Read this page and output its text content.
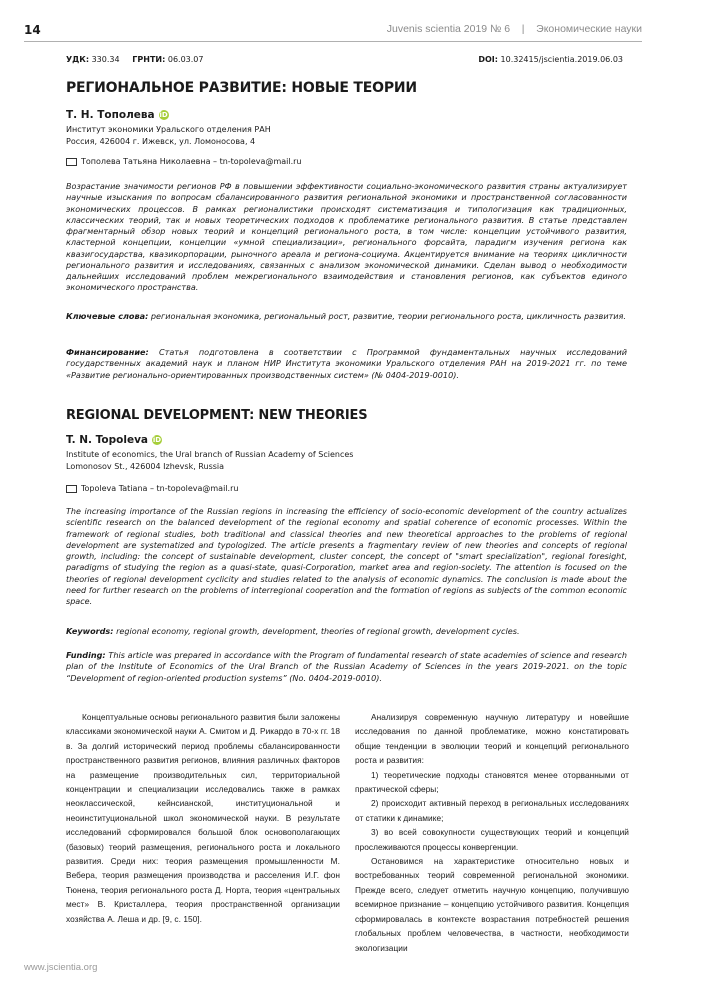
14	Juvenis scientia 2019 № 6 | Экономические науки
УДК: 330.34 ГРНТИ: 06.03.07	DOI: 10.32415/jscientia.2019.06.03
РЕГИОНАЛЬНОЕ РАЗВИТИЕ: НОВЫЕ ТЕОРИИ
Т. Н. Тополева iD
Институт экономики Уральского отделения РАН
Россия, 426004 г. Ижевск, ул. Ломоносова, 4
Тополева Татьяна Николаевна – tn-topoleva@mail.ru
Возрастание значимости регионов РФ в повышении эффективности социально-экономического развития страны актуализирует научные изыскания по вопросам сбалансированного развития региональной экономики и пространственной согласованности экономических процессов. В рамках регионалистики происходят систематизация и типологизация как традиционных, классических теорий, так и новых теоретических подходов к проблематике регионального развития. В статье представлен фрагментарный обзор новых теорий и концепций регионального роста, в том числе: концепции устойчивого развития, кластерной концепции, концепции «умной специализации», регионального форсайта, парадигм изучения региона как квазигосударства, квазикорпорации, рыночного ареала и региона-социума. Акцентируется внимание на теориях цикличности регионального развития и исследованиях, связанных с анализом экономической динамики. Сделан вывод о необходимости дальнейших исследований проблем межрегионального взаимодействия и становления регионов, как субъектов единого экономического пространства.
Ключевые слова: региональная экономика, региональный рост, развитие, теории регионального роста, цикличность развития.
Финансирование: Статья подготовлена в соответствии с Программой фундаментальных научных исследований государственных академий наук и планом НИР Института экономики Уральского отделения РАН на 2019-2021 гг. по теме «Развитие регионально-ориентированных производственных систем» (№ 0404-2019-0010).
REGIONAL DEVELOPMENT: NEW THEORIES
T. N. Topoleva iD
Institute of economics, the Ural branch of Russian Academy of Sciences
Lomonosov St., 426004 Izhevsk, Russia
Topoleva Tatiana – tn-topoleva@mail.ru
The increasing importance of the Russian regions in increasing the efficiency of socio-economic development of the country actualizes scientific research on the balanced development of the regional economy and spatial coherence of economic processes. Within the framework of regional studies, both traditional and classical theories and new theoretical approaches to the problems of regional development are systematized and typologized. The article presents a fragmentary review of new theories and concepts of regional growth, including: the concept of sustainable development, cluster concept, the concept of "smart specialization", regional foresight, paradigms of studying the region as a quasi-state, quasi-Corporation, market area and region-society. The attention is focused on the theories of regional development cyclicity and studies related to the analysis of economic dynamics. The conclusion is made about the need for further research on the problems of interregional cooperation and the formation of regions as subjects of the common economic space.
Keywords: regional economy, regional growth, development, theories of regional growth, development cycles.
Funding: This article was prepared in accordance with the Program of fundamental research of state academies of science and research plan of the Institute of Economics of the Ural Branch of the Russian Academy of Sciences in the years 2019-2021. on the topic “Development of region-oriented production systems” (No. 0404-2019-0010).

Концептуальные основы регионального развития были заложены классиками экономической науки А. Смитом и Д. Рикардо в 70-х гг. 18 в. За долгий исторический период проблемы сбалансированности пространственного развития регионов, влияния различных факторов на размещение производительных сил, территориальной концентрации и специализации исследовались также в рамках неоклассической, кейнсианской, институциональной и неоинституциональной школ экономической науки. В результате исследований сформировался большой блок основополагающих (базовых) теорий размещения, регионального роста и локального развития. Среди них: теория размещения промышленности М. Вебера, теория размещения производства и расселения И.Г. фон Тюнена, теория регионального роста Д. Норта, теория «центральных мест» В. Кристаллера, теория пространственной организации хозяйства А. Леша и др. [9, с. 150].

Анализируя современную научную литературу и новейшие исследования по данной проблематике, можно констатировать общие тенденции в эволюции теорий и концепций регионального роста и развития:

1) теоретические подходы становятся менее оторванными от практической сферы;

2) происходит активный переход в региональных исследованиях от статики к динамике;

3) во всей совокупности существующих теорий и концепций прослеживаются процессы конвергенции.

Остановимся на характеристике относительно новых и востребованных теорий современной региональной экономики. Прежде всего, следует отметить научную концепцию, получившую всемирное признание – концепцию устойчивого развития. Концепция сформировалась в контексте возрастания потребностей решения глобальных проблем человечества, в частности, необходимости экологизации

www.jscientia.org
